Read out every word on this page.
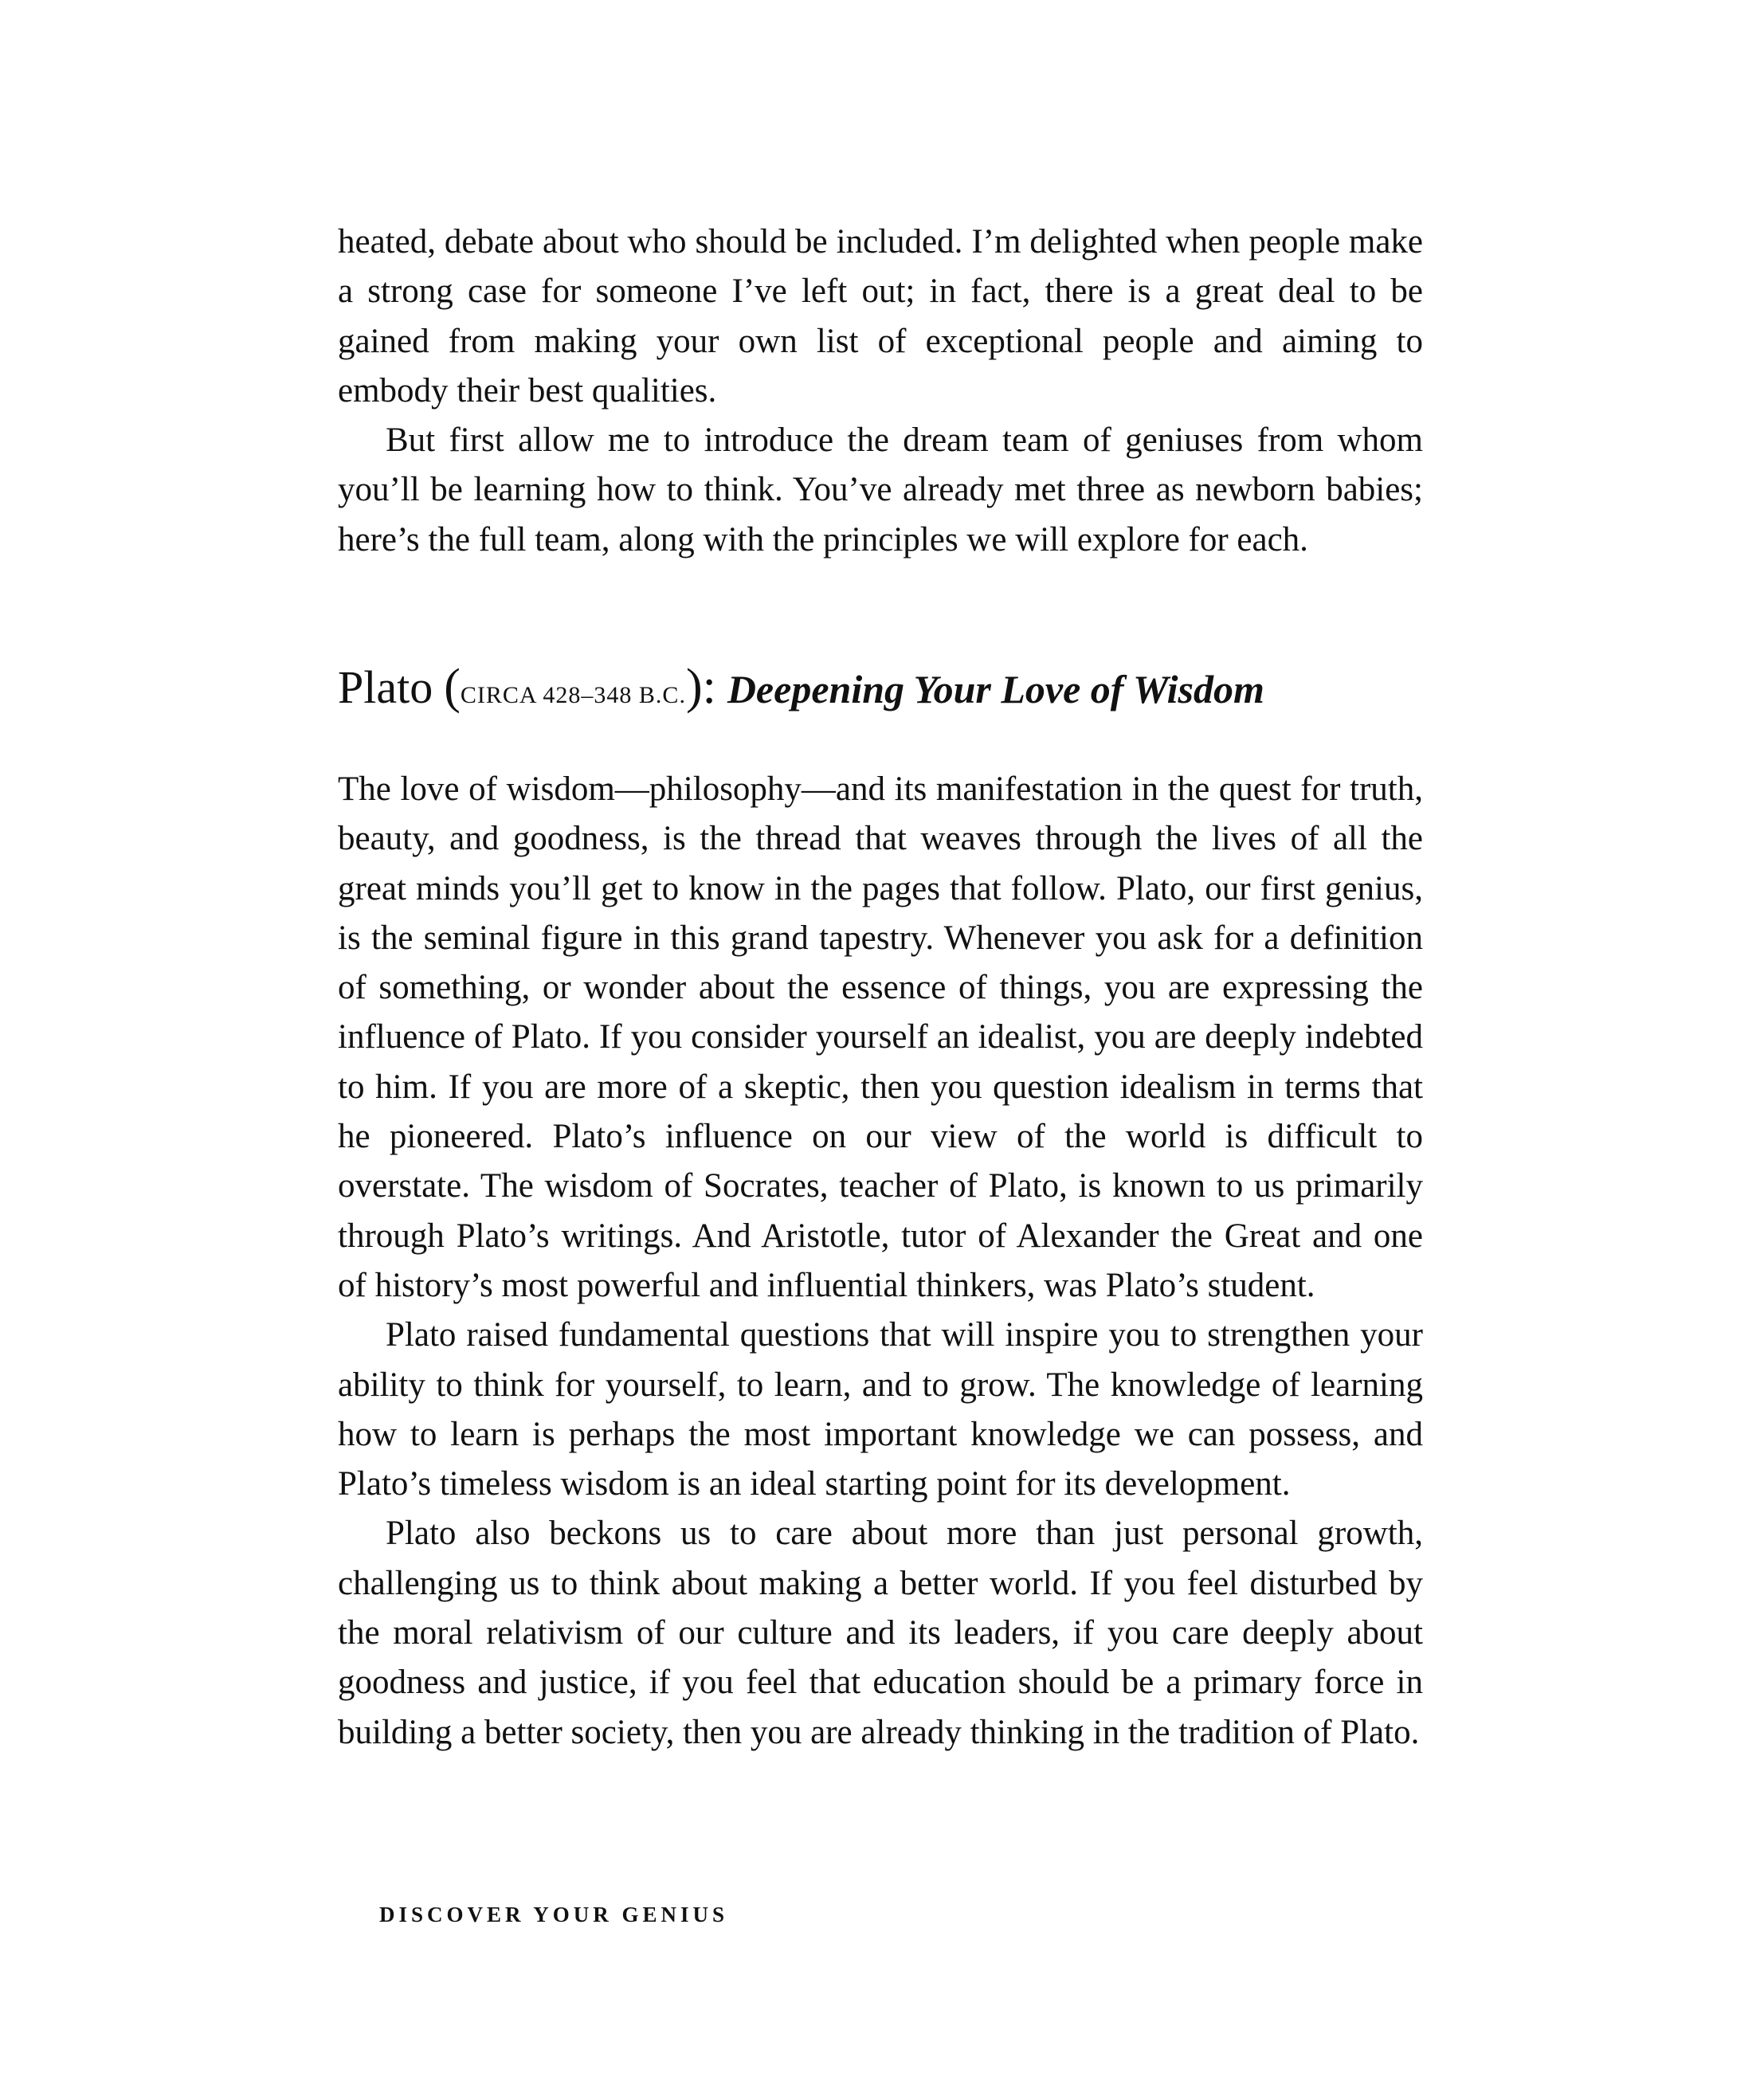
heated, debate about who should be included. I’m delighted when people make a strong case for someone I’ve left out; in fact, there is a great deal to be gained from making your own list of exceptional people and aiming to embody their best qualities.

But first allow me to introduce the dream team of geniuses from whom you’ll be learning how to think. You’ve already met three as newborn babies; here’s the full team, along with the principles we will explore for each.

Plato (CIRCA 428–348 B.C.): Deepening Your Love of Wisdom

The love of wisdom—philosophy—and its manifestation in the quest for truth, beauty, and goodness, is the thread that weaves through the lives of all the great minds you’ll get to know in the pages that follow. Plato, our first genius, is the seminal figure in this grand tapestry. Whenever you ask for a definition of something, or wonder about the essence of things, you are expressing the influence of Plato. If you consider yourself an idealist, you are deeply indebted to him. If you are more of a skeptic, then you question idealism in terms that he pioneered. Plato’s influence on our view of the world is difficult to overstate. The wisdom of Socrates, teacher of Plato, is known to us primarily through Plato’s writings. And Aristotle, tutor of Alexander the Great and one of history’s most powerful and influential thinkers, was Plato’s student.

Plato raised fundamental questions that will inspire you to strengthen your ability to think for yourself, to learn, and to grow. The knowledge of learning how to learn is perhaps the most important knowledge we can possess, and Plato’s timeless wisdom is an ideal starting point for its development.

Plato also beckons us to care about more than just personal growth, challenging us to think about making a better world. If you feel disturbed by the moral relativism of our culture and its leaders, if you care deeply about goodness and justice, if you feel that education should be a primary force in building a better society, then you are already thinking in the tradition of Plato.

DISCOVER YOUR GENIUS
